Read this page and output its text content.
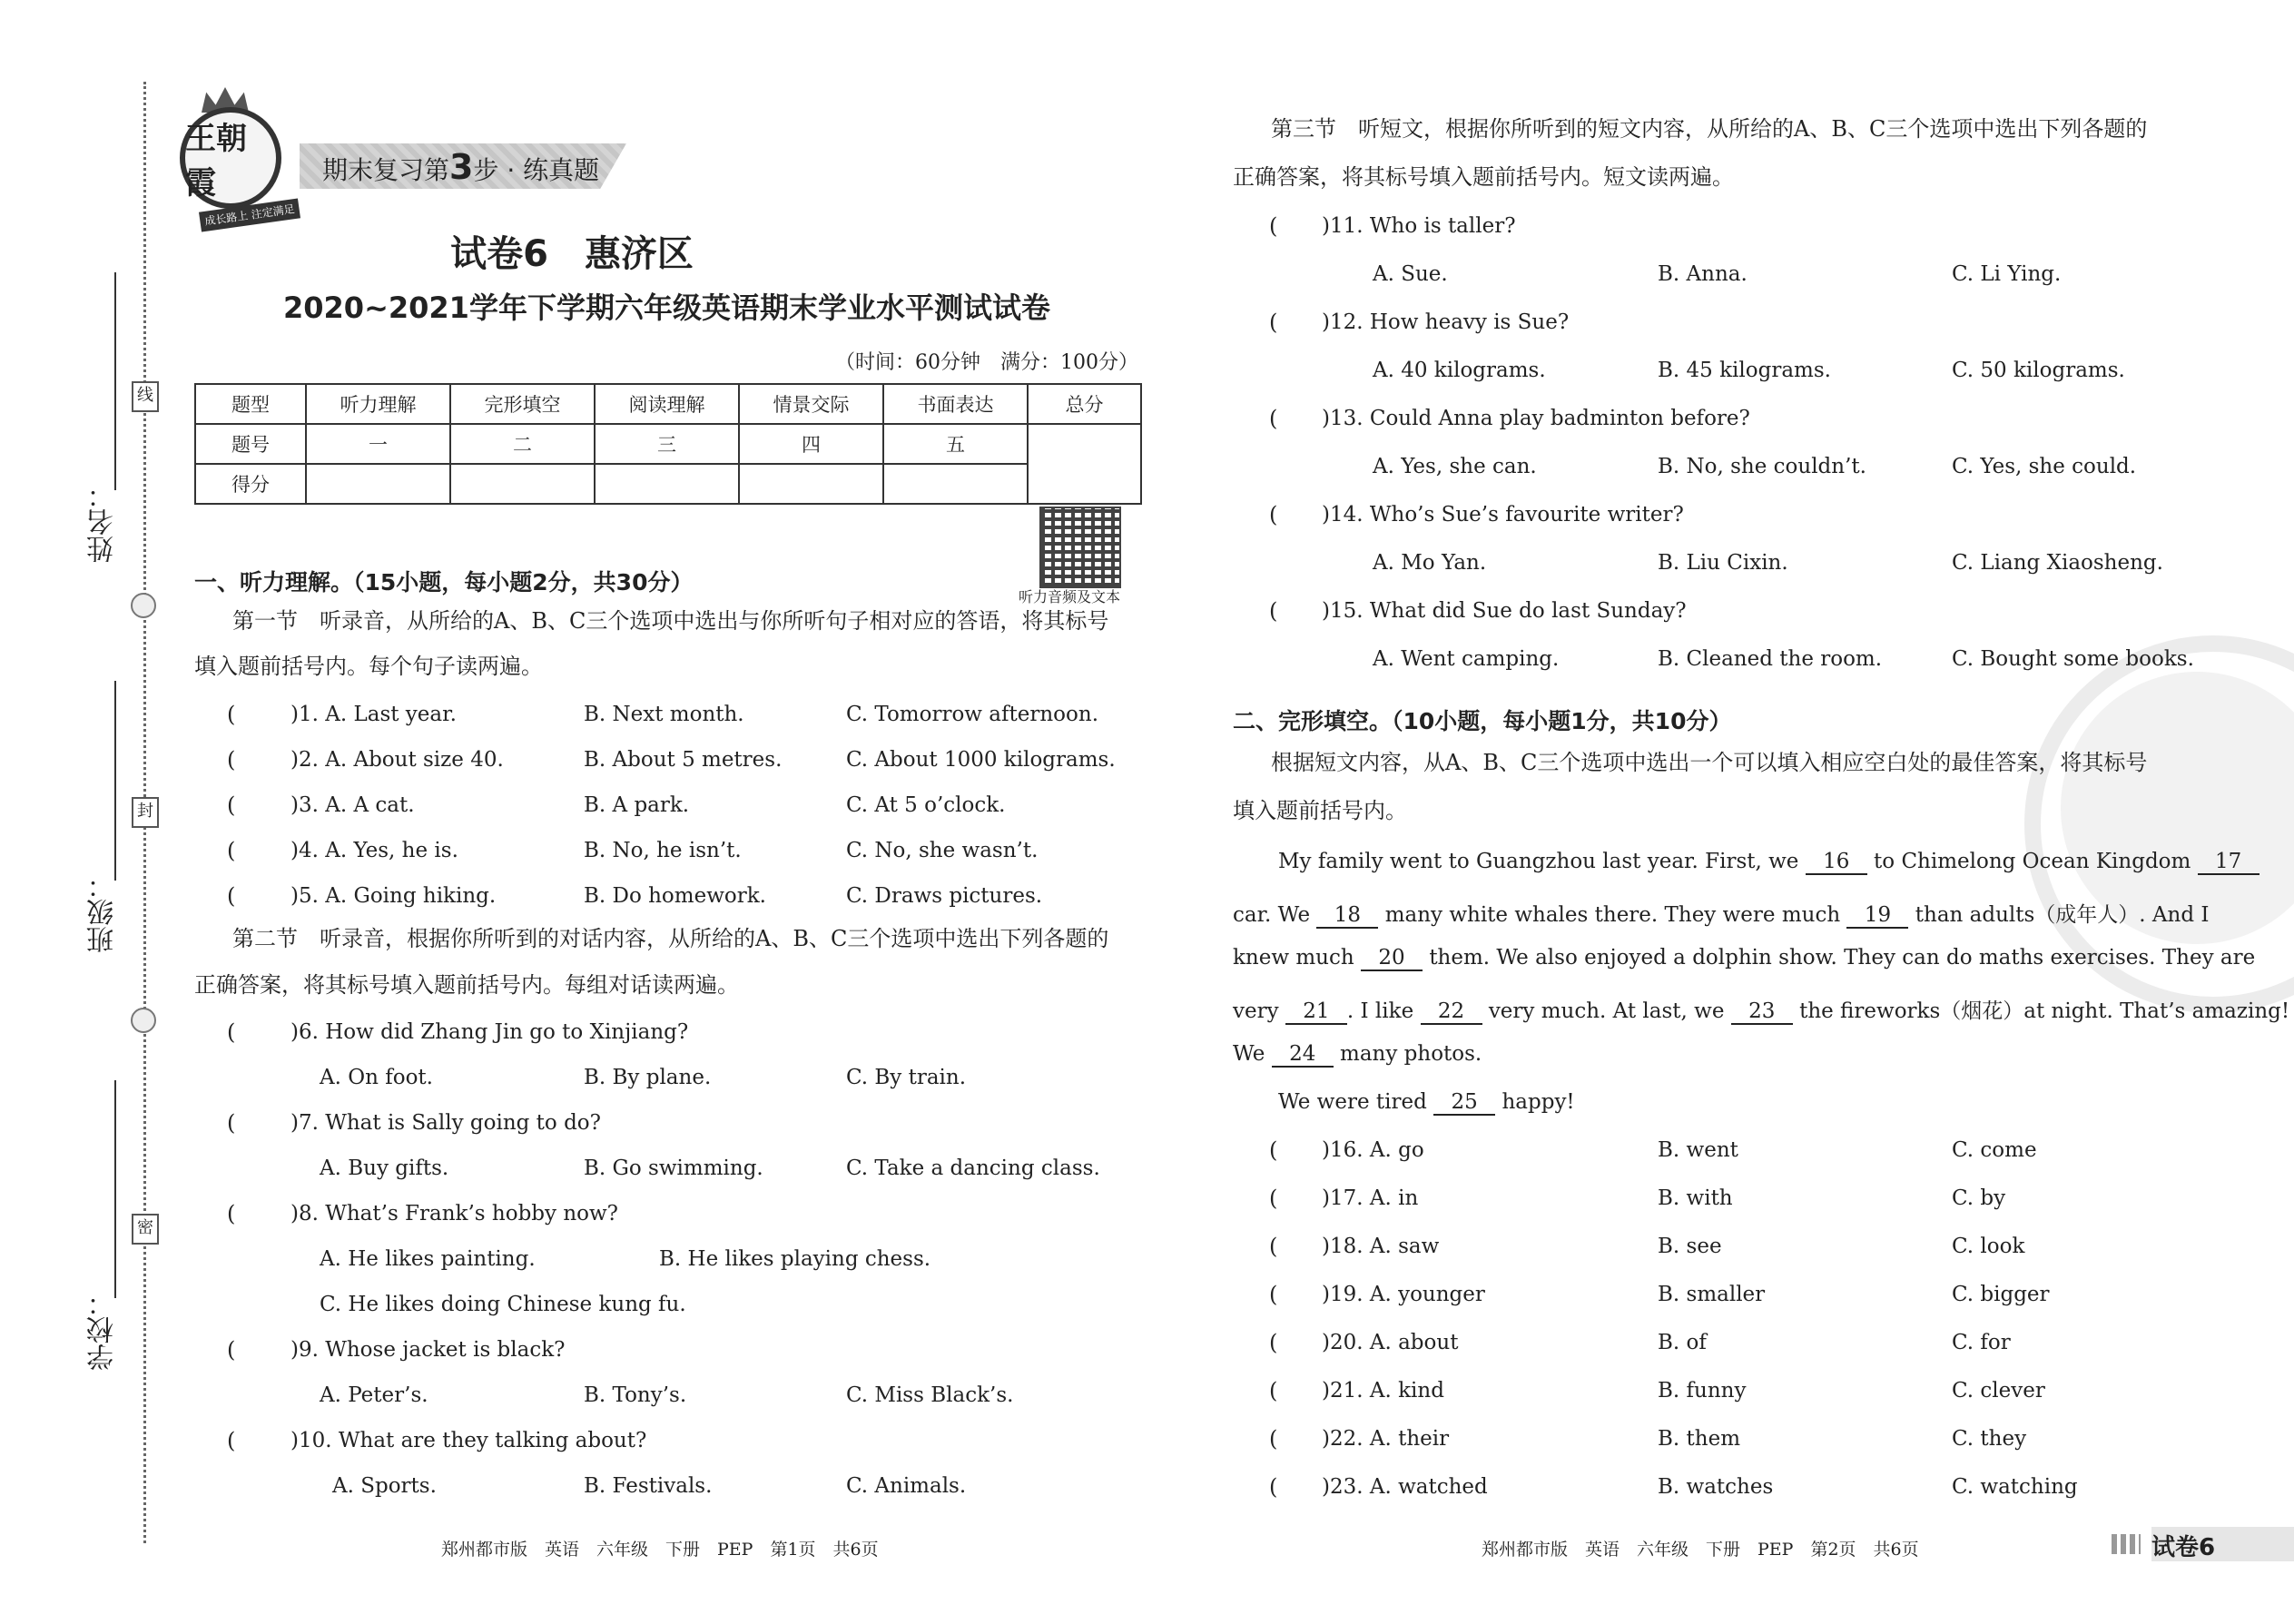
线
封
密
姓名：
班级：
学校：
王朝霞
成长路上 注定满足
期末复习第3步 · 练真题
试卷6　惠济区
2020~2021学年下学期六年级英语期末学业水平测试试卷
（时间：60分钟　满分：100分）
题型	听力理解	完形填空	阅读理解	情景交际	书面表达	总分
题号	一	二	三	四	五	
得分						
听力音频及文本
一、听力理解。（15小题，每小题2分，共30分）
第一节　听录音，从所给的A、B、C三个选项中选出与你所听句子相对应的答语，将其标号
填入题前括号内。每个句子读两遍。
(	)1. A. Last year.	B. Next month.	C. Tomorrow afternoon.
(	)2. A. About size 40.	B. About 5 metres.	C. About 1000 kilograms.
(	)3. A. A cat.	B. A park.	C. At 5 o’clock.
(	)4. A. Yes, he is.	B. No, he isn’t.	C. No, she wasn’t.
(	)5. A. Going hiking.	B. Do homework.	C. Draws pictures.
第二节　听录音，根据你所听到的对话内容，从所给的A、B、C三个选项中选出下列各题的
正确答案，将其标号填入题前括号内。每组对话读两遍。
(	)6. How did Zhang Jin go to Xinjiang?
A. On foot.	B. By plane.	C. By train.
(	)7. What is Sally going to do?
A. Buy gifts.	B. Go swimming.	C. Take a dancing class.
(	)8. What’s Frank’s hobby now?
A. He likes painting.	B. He likes playing chess.
C. He likes doing Chinese kung fu.
(	)9. Whose jacket is black?
A. Peter’s.	B. Tony’s.	C. Miss Black’s.
(	)10. What are they talking about?
A. Sports.	B. Festivals.	C. Animals.
郑州都市版　英语　六年级　下册　PEP　第1页　共6页
第三节　听短文，根据你所听到的短文内容，从所给的A、B、C三个选项中选出下列各题的
正确答案，将其标号填入题前括号内。短文读两遍。
( )11. Who is taller?
A. Sue.	B. Anna.	C. Li Ying.
( )12. How heavy is Sue?
A. 40 kilograms.	B. 45 kilograms.	C. 50 kilograms.
( )13. Could Anna play badminton before?
A. Yes, she can.	B. No, she couldn’t.	C. Yes, she could.
( )14. Who’s Sue’s favourite writer?
A. Mo Yan.	B. Liu Cixin.	C. Liang Xiaosheng.
( )15. What did Sue do last Sunday?
A. Went camping.	B. Cleaned the room.	C. Bought some books.
二、完形填空。（10小题，每小题1分，共10分）
根据短文内容，从A、B、C三个选项中选出一个可以填入相应空白处的最佳答案，将其标号
填入题前括号内。
My family went to Guangzhou last year. First, we 16 to Chimelong Ocean Kingdom 17
car. We 18 many white whales there. They were much 19 than adults（成年人）. And I
knew much 20 them. We also enjoyed a dolphin show. They can do maths exercises. They are
very 21 . I like 22 very much. At last, we 23 the fireworks（烟花）at night. That’s amazing!
We 24 many photos.
We were tired 25 happy!
( )16. A. go	B. went	C. come
( )17. A. in	B. with	C. by
( )18. A. saw	B. see	C. look
( )19. A. younger	B. smaller	C. bigger
( )20. A. about	B. of	C. for
( )21. A. kind	B. funny	C. clever
( )22. A. their	B. them	C. they
( )23. A. watched	B. watches	C. watching
郑州都市版　英语　六年级　下册　PEP　第2页　共6页	试卷6
